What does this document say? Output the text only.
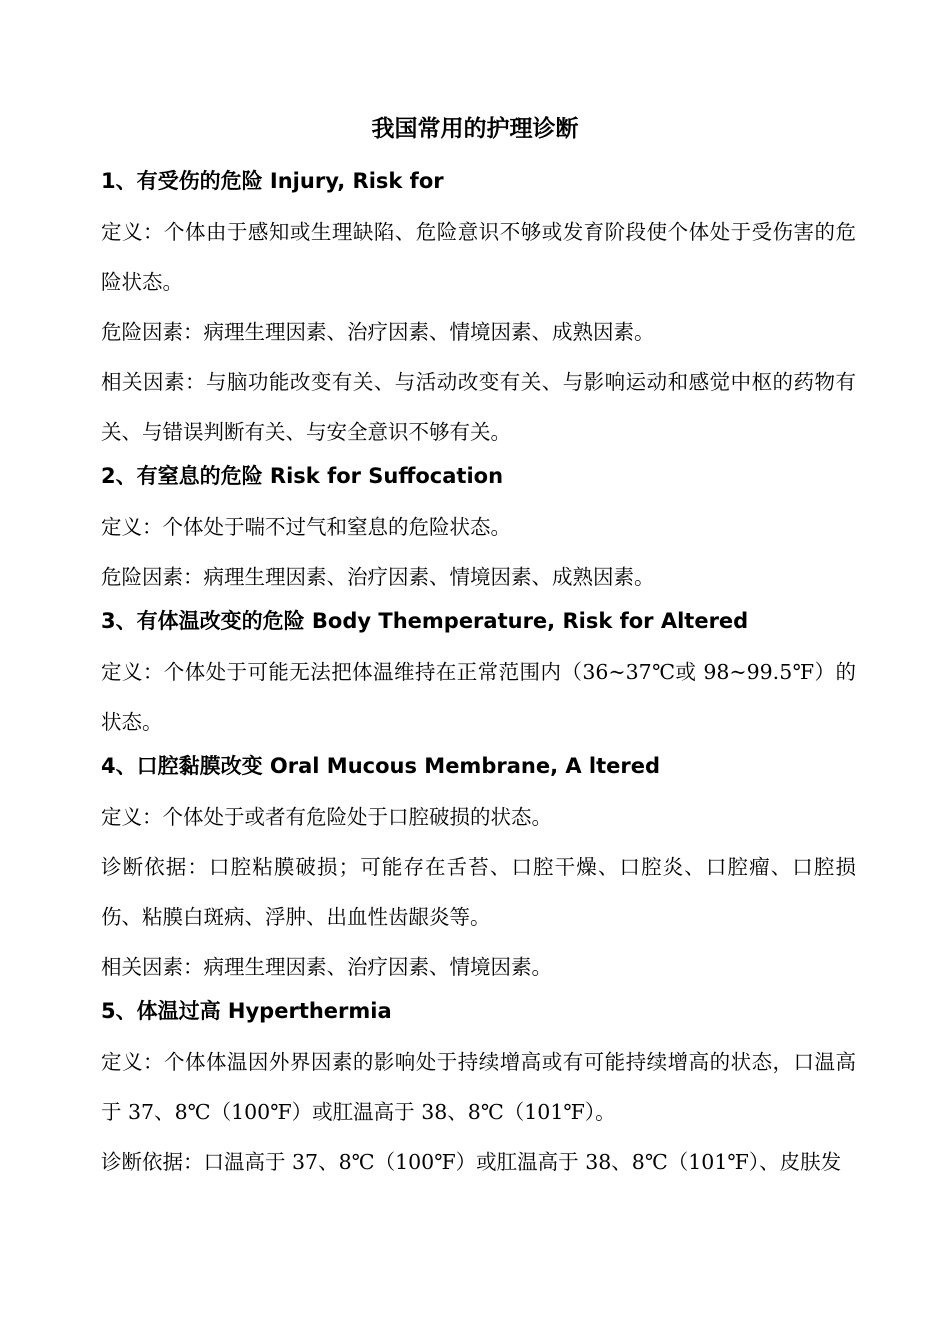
我国常用的护理诊断
1、有受伤的危险 Injury, Risk for

定义：个体由于感知或生理缺陷、危险意识不够或发育阶段使个体处于受伤害的危险状态。

危险因素：病理生理因素、治疗因素、情境因素、成熟因素。

相关因素：与脑功能改变有关、与活动改变有关、与影响运动和感觉中枢的药物有关、与错误判断有关、与安全意识不够有关。

2、有窒息的危险 Risk for Suffocation

定义：个体处于喘不过气和窒息的危险状态。

危险因素：病理生理因素、治疗因素、情境因素、成熟因素。

3、有体温改变的危险 Body Themperature, Risk for Altered

定义：个体处于可能无法把体温维持在正常范围内（36~37℃或 98~99.5℉）的状态。

4、口腔黏膜改变 Oral Mucous Membrane, A ltered

定义：个体处于或者有危险处于口腔破损的状态。

诊断依据：口腔粘膜破损；可能存在舌苔、口腔干燥、口腔炎、口腔瘤、口腔损伤、粘膜白斑病、浮肿、出血性齿龈炎等。

相关因素：病理生理因素、治疗因素、情境因素。

5、体温过高 Hyperthermia

定义：个体体温因外界因素的影响处于持续增高或有可能持续增高的状态，口温高于 37、8℃（100℉）或肛温高于 38、8℃（101℉）。

诊断依据：口温高于 37、8℃（100℉）或肛温高于 38、8℃（101℉）、皮肤发
